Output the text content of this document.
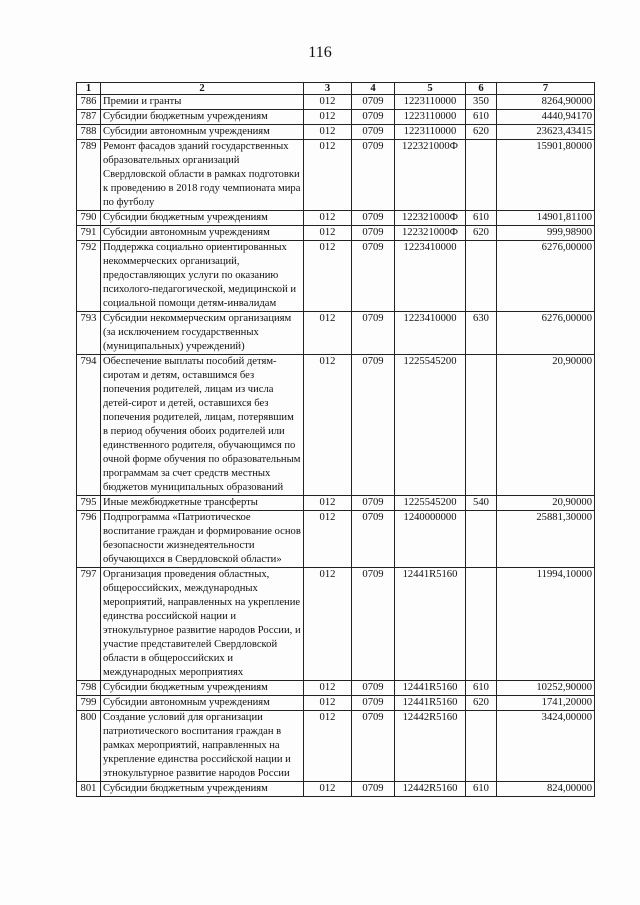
116
1	2	3	4	5	6	7
786	Премии и гранты	012	0709	1223110000	350	8264,90000
787	Субсидии бюджетным учреждениям	012	0709	1223110000	610	4440,94170
788	Субсидии автономным учреждениям	012	0709	1223110000	620	23623,43415
789	Ремонт фасадов зданий государственных образовательных организаций Свердловской области в рамках подготовки к проведению в 2018 году чемпионата мира по футболу	012	0709	122321000Ф		15901,80000
790	Субсидии бюджетным учреждениям	012	0709	122321000Ф	610	14901,81100
791	Субсидии автономным учреждениям	012	0709	122321000Ф	620	999,98900
792	Поддержка социально ориентированных некоммерческих организаций, предоставляющих услуги по оказанию психолого-педагогической, медицинской и социальной помощи детям-инвалидам	012	0709	1223410000		6276,00000
793	Субсидии некоммерческим организациям (за исключением государственных (муниципальных) учреждений)	012	0709	1223410000	630	6276,00000
794	Обеспечение выплаты пособий детям-сиротам и детям, оставшимся без попечения родителей, лицам из числа детей-сирот и детей, оставшихся без попечения родителей, лицам, потерявшим в период обучения обоих родителей или единственного родителя, обучающимся по очной форме обучения по образовательным программам за счет средств местных бюджетов муниципальных образований	012	0709	1225545200		20,90000
795	Иные межбюджетные трансферты	012	0709	1225545200	540	20,90000
796	Подпрограмма «Патриотическое воспитание граждан и формирование основ безопасности жизнедеятельности обучающихся в Свердловской области»	012	0709	1240000000		25881,30000
797	Организация проведения областных, общероссийских, международных мероприятий, направленных на укрепление единства российской нации и этнокультурное развитие народов России, и участие представителей Свердловской области в общероссийских и международных мероприятиях	012	0709	12441R5160		11994,10000
798	Субсидии бюджетным учреждениям	012	0709	12441R5160	610	10252,90000
799	Субсидии автономным учреждениям	012	0709	12441R5160	620	1741,20000
800	Создание условий для организации патриотического воспитания граждан в рамках мероприятий, направленных на укрепление единства российской нации и этнокультурное развитие народов России	012	0709	12442R5160		3424,00000
801	Субсидии бюджетным учреждениям	012	0709	12442R5160	610	824,00000
